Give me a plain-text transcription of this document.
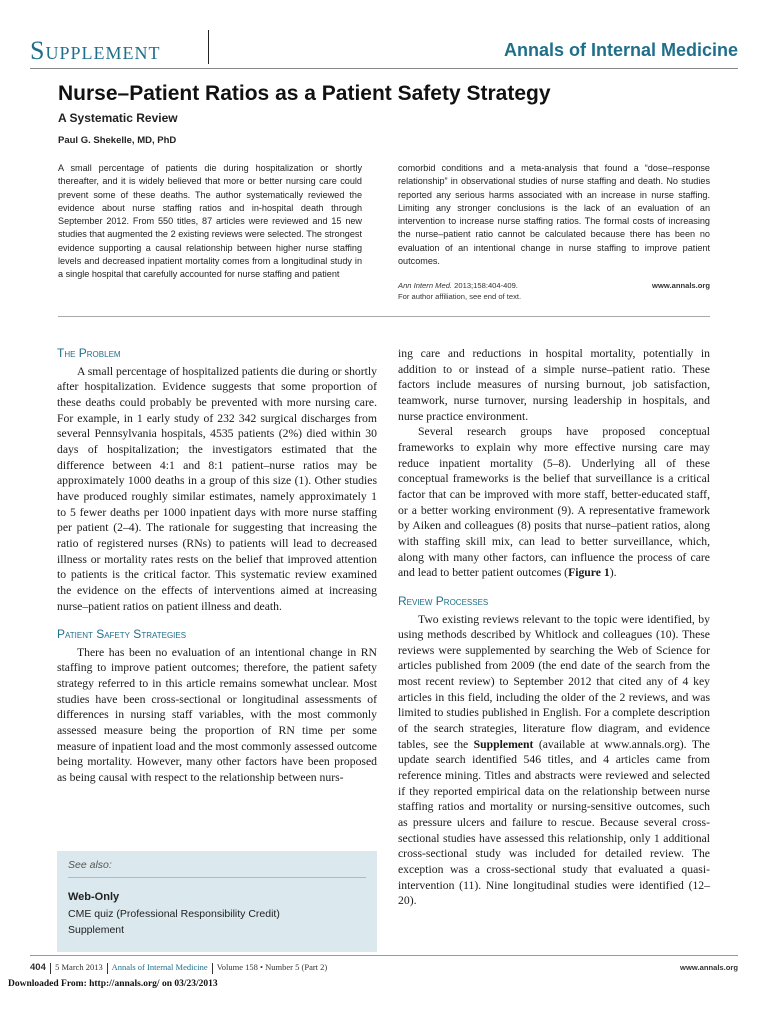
Supplement	Annals of Internal Medicine
Nurse–Patient Ratios as a Patient Safety Strategy
A Systematic Review
Paul G. Shekelle, MD, PhD
A small percentage of patients die during hospitalization or shortly thereafter, and it is widely believed that more or better nursing care could prevent some of these deaths. The author systematically reviewed the evidence about nurse staffing ratios and in-hospital death through September 2012. From 550 titles, 87 articles were reviewed and 15 new studies that augmented the 2 existing reviews were selected. The strongest evidence supporting a causal relationship between higher nurse staffing levels and decreased inpatient mortality comes from a longitudinal study in a single hospital that carefully accounted for nurse staffing and patient
comorbid conditions and a meta-analysis that found a “dose–response relationship” in observational studies of nurse staffing and death. No studies reported any serious harms associated with an increase in nurse staffing. Limiting any stronger conclusions is the lack of an evaluation of an intervention to increase nurse staffing ratios. The formal costs of increasing the nurse–patient ratio cannot be calculated because there has been no evaluation of an intentional change in nurse staffing to improve patient outcomes.
Ann Intern Med. 2013;158:404-409.	www.annals.org
For author affiliation, see end of text.
The Problem

A small percentage of hospitalized patients die during or shortly after hospitalization. Evidence suggests that some proportion of these deaths could probably be prevented with more nursing care. For example, in 1 early study of 232 342 surgical discharges from several Pennsylvania hospitals, 4535 patients (2%) died within 30 days of hospitalization; the investigators estimated that the difference between 4:1 and 8:1 patient–nurse ratios may be approximately 1000 deaths in a group of this size (1). Other studies have produced roughly similar estimates, namely approximately 1 to 5 fewer deaths per 1000 inpatient days with more nurse staffing per patient (2–4). The rationale for suggesting that increasing the ratio of registered nurses (RNs) to patients will lead to decreased illness or mortality rates rests on the belief that improved attention to patients is the critical factor. This systematic review examined the evidence on the effects of interventions aimed at increasing nurse–patient ratios on patient illness and death.

Patient Safety Strategies

There has been no evaluation of an intentional change in RN staffing to improve patient outcomes; therefore, the patient safety strategy referred to in this article remains somewhat unclear. Most studies have been cross-sectional or longitudinal assessments of differences in nursing staff variables, with the most commonly assessed measure being the proportion of RN time per some measure of inpatient load and the most commonly assessed outcome being mortality. However, many other factors have been proposed as being causal with respect to the relationship between nurs-

See also:
Web-Only
CME quiz (Professional Responsibility Credit)
Supplement

ing care and reductions in hospital mortality, potentially in addition to or instead of a simple nurse–patient ratio. These factors include measures of nursing burnout, job satisfaction, teamwork, nurse turnover, nursing leadership in hospitals, and nurse practice environment.

Several research groups have proposed conceptual frameworks to explain why more effective nursing care may reduce inpatient mortality (5–8). Underlying all of these conceptual frameworks is the belief that surveillance is a critical factor that can be improved with more staff, better-educated staff, or a better working environment (9). A representative framework by Aiken and colleagues (8) posits that nurse–patient ratios, along with staffing skill mix, can lead to better surveillance, which, along with many other factors, can influence the process of care and lead to better patient outcomes (Figure 1).

Review Processes

Two existing reviews relevant to the topic were identified, by using methods described by Whitlock and colleagues (10). These reviews were supplemented by searching the Web of Science for articles published from 2009 (the end date of the search from the most recent review) to September 2012 that cited any of 4 key articles in this field, including the older of the 2 reviews, and was limited to studies published in English. For a complete description of the search strategies, literature flow diagram, and evidence tables, see the Supplement (available at www.annals.org). The update search identified 546 titles, and 4 articles came from reference mining. Titles and abstracts were reviewed and selected if they reported empirical data on the relationship between nurse staffing ratios and mortality or nursing-sensitive outcomes, such as pressure ulcers and failure to rescue. Because several cross-sectional studies have assessed this relationship, only 1 additional cross-sectional study was included for detailed review. The exception was a cross-sectional study that evaluated a quasi-intervention (11). Nine longitudinal studies were identified (12–20).

404 5 March 2013 Annals of Internal Medicine Volume 158 • Number 5 (Part 2)	www.annals.org
Downloaded From: http://annals.org/ on 03/23/2013
